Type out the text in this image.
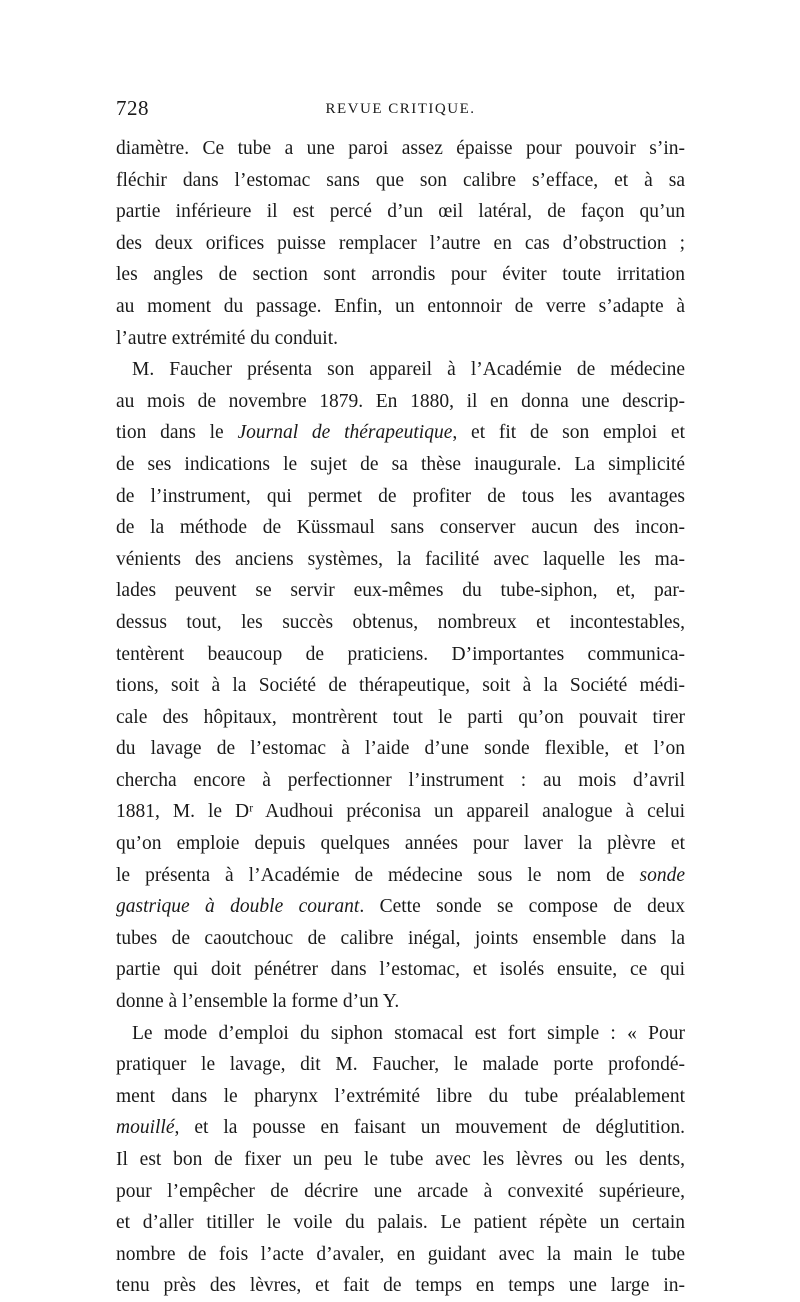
728	REVUE CRITIQUE.
diamètre. Ce tube a une paroi assez épaisse pour pouvoir s’in-
fléchir dans l’estomac sans que son calibre s’efface, et à sa
partie inférieure il est percé d’un œil latéral, de façon qu’un
des deux orifices puisse remplacer l’autre en cas d’obstruction ;
les angles de section sont arrondis pour éviter toute irritation
au moment du passage. Enfin, un entonnoir de verre s’adapte à
l’autre extrémité du conduit.
M. Faucher présenta son appareil à l’Académie de médecine
au mois de novembre 1879. En 1880, il en donna une descrip-
tion dans le Journal de thérapeutique, et fit de son emploi et
de ses indications le sujet de sa thèse inaugurale. La simplicité
de l’instrument, qui permet de profiter de tous les avantages
de la méthode de Küssmaul sans conserver aucun des incon-
vénients des anciens systèmes, la facilité avec laquelle les ma-
lades peuvent se servir eux-mêmes du tube-siphon, et, par-
dessus tout, les succès obtenus, nombreux et incontestables,
tentèrent beaucoup de praticiens. D’importantes communica-
tions, soit à la Société de thérapeutique, soit à la Société médi-
cale des hôpitaux, montrèrent tout le parti qu’on pouvait tirer
du lavage de l’estomac à l’aide d’une sonde flexible, et l’on
chercha encore à perfectionner l’instrument : au mois d’avril
1881, M. le Dʳ Audhoui préconisa un appareil analogue à celui
qu’on emploie depuis quelques années pour laver la plèvre et
le présenta à l’Académie de médecine sous le nom de sonde
gastrique à double courant. Cette sonde se compose de deux
tubes de caoutchouc de calibre inégal, joints ensemble dans la
partie qui doit pénétrer dans l’estomac, et isolés ensuite, ce qui
donne à l’ensemble la forme d’un Y.
Le mode d’emploi du siphon stomacal est fort simple : « Pour
pratiquer le lavage, dit M. Faucher, le malade porte profondé-
ment dans le pharynx l’extrémité libre du tube préalablement
mouillé, et la pousse en faisant un mouvement de déglutition.
Il est bon de fixer un peu le tube avec les lèvres ou les dents,
pour l’empêcher de décrire une arcade à convexité supérieure,
et d’aller titiller le voile du palais. Le patient répète un certain
nombre de fois l’acte d’avaler, en guidant avec la main le tube
tenu près des lèvres, et fait de temps en temps une large in-
